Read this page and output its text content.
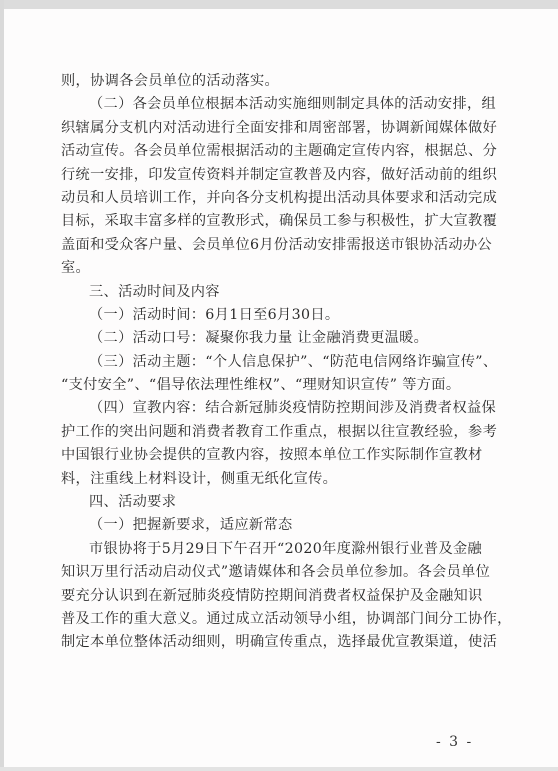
则，协调各会员单位的活动落实。
（二）各会员单位根据本活动实施细则制定具体的活动安排，组
织辖属分支机内对活动进行全面安排和周密部署，协调新闻媒体做好
活动宣传。各会员单位需根据活动的主题确定宣传内容，根据总、分
行统一安排，印发宣传资料并制定宣教普及内容，做好活动前的组织
动员和人员培训工作，并向各分支机构提出活动具体要求和活动完成
目标，采取丰富多样的宣教形式，确保员工参与积极性，扩大宣教覆
盖面和受众客户量、会员单位6月份活动安排需报送市银协活动办公
室。
三、活动时间及内容
（一）活动时间：6月1日至6月30日。
（二）活动口号：凝聚你我力量 让金融消费更温暖。
（三）活动主题：“个人信息保护”、“防范电信网络诈骗宣传”、
“支付安全”、“倡导依法理性维权”、“理财知识宣传” 等方面。
（四）宣教内容：结合新冠肺炎疫情防控期间涉及消费者权益保
护工作的突出问题和消费者教育工作重点，根据以往宣教经验，参考
中国银行业协会提供的宣教内容，按照本单位工作实际制作宣教材
料，注重线上材料设计，侧重无纸化宣传。
四、活动要求
（一）把握新要求，适应新常态
市银协将于5月29日下午召开“2020年度滁州银行业普及金融
知识万里行活动启动仪式”邀请媒体和各会员单位参加。各会员单位
要充分认识到在新冠肺炎疫情防控期间消费者权益保护及金融知识
普及工作的重大意义。通过成立活动领导小组，协调部门间分工协作，
制定本单位整体活动细则，明确宣传重点，选择最优宣教渠道，使活
- 3 -
